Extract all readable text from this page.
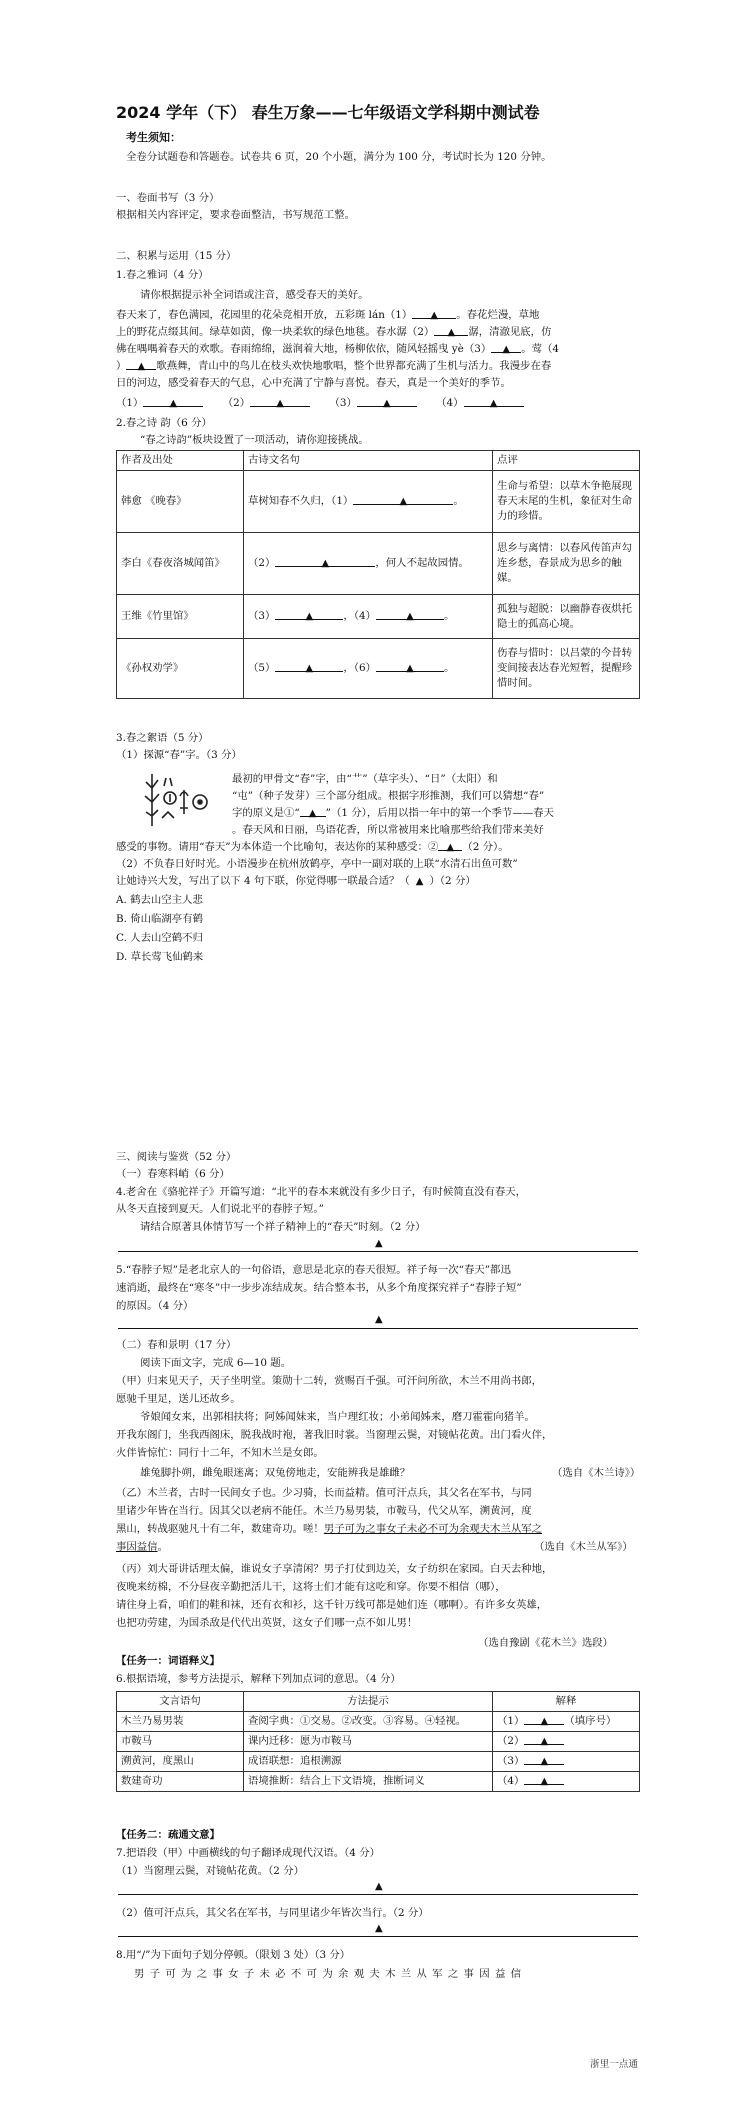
2024 学年（下） 春生万象——七年级语文学科期中测试卷
考生须知：
全卷分试题卷和答题卷。试卷共 6 页，20 个小题，满分为 100 分，考试时长为 120 分钟。
一、卷面书写（3 分）
根据相关内容评定，要求卷面整洁，书写规范工整。
二、积累与运用（15 分）
1.春之雅词（4 分）
请你根据提示补全词语或注音，感受春天的美好。
春天来了，春色满园，花园里的花朵竞相开放，五彩斑 lán（1） ▲ 。春花烂漫，草地
上的野花点缀其间。绿草如茵，像一块柔软的绿色地毯。春水潺（2） ▲ 潺，清澈见底，仿
佛在喁喁着春天的欢歌。春雨绵绵，滋润着大地，杨柳依依，随风轻摇曳 yè（3） ▲ 。莺（4
） ▲ 歌燕舞，青山中的鸟儿在枝头欢快地歌唱，整个世界都充满了生机与活力。我漫步在春
日的河边，感受着春天的气息，心中充满了宁静与喜悦。春天，真是一个美好的季节。
（1）	▲	（2）	▲	（3）	▲	（4）	▲
2.春之诗 韵（6 分）
“春之诗韵”板块设置了一项活动，请你迎接挑战。
作者及出处	古诗文名句	点评
韩愈 《晚春》	草树知春不久归，（1） ▲ 。	生命与希望：以草木争艳展现春天末尾的生机，象征对生命力的珍惜。
李白《春夜洛城闻笛》	（2） ▲ ，何人不起故园情。	思乡与离情：以春风传笛声勾连乡愁，春景成为思乡的触媒。
王维《竹里馆》	（3） ▲ ，（4） ▲ 。	孤独与超脱：以幽静春夜烘托隐士的孤高心境。
《孙权劝学》	（5） ▲ ，（6） ▲ 。	伤春与惜时：以吕蒙的今昔转变间接表达春光短暂，提醒珍惜时间。
3.春之絮语（5 分）
（1）探源“春”字。（3 分）
最初的甲骨文“春”字，由“艹”（草字头）、“日”（太阳）和
“屯”（种子发芽）三个部分组成。根据字形推测，我们可以猜想“春”
字的原义是①“ ▲ ”（1 分），后用以指一年中的第一个季节——春天
。春天风和日丽，鸟语花香，所以常被用来比喻那些给我们带来美好
感受的事物。请用“春天”为本体造一个比喻句，表达你的某种感受：② ▲ （2 分）。
（2）不负春日好时光。小语漫步在杭州放鹤亭，亭中一副对联的上联“水清石出鱼可数”
让她诗兴大发，写出了以下 4 句下联，你觉得哪一联最合适？（ ▲ ）（2 分）
A. 鹤去山空主人悲
B. 倚山临湖亭有鹤
C. 人去山空鹤不归
D. 草长莺飞仙鹤来
三、阅读与鉴赏（52 分）
（一）春寒料峭（6 分）
4.老舍在《骆驼祥子》开篇写道：“北平的春本来就没有多少日子，有时候简直没有春天，
从冬天直接到夏天。人们说北平的春脖子短。”
请结合原著具体情节写一个祥子精神上的“春天”时刻。（2 分）
▲
5.“春脖子短”是老北京人的一句俗语，意思是北京的春天很短。祥子每一次“春天”都迅
速消逝，最终在“寒冬”中一步步冻结成灰。结合整本书，从多个角度探究祥子“春脖子短”
的原因。（4 分）
▲
（二）春和景明（17 分）
阅读下面文字，完成 6—10 题。
（甲）归来见天子，天子坐明堂。策勋十二转，赏赐百千强。可汗问所欲，木兰不用尚书郎，
愿驰千里足，送儿还故乡。
爷娘闻女来，出郭相扶将；阿姊闻妹来，当户理红妆；小弟闻姊来，磨刀霍霍向猪羊。
开我东阁门，坐我西阁床，脱我战时袍，著我旧时裳。当窗理云鬓，对镜帖花黄。出门看火伴，
火伴皆惊忙：同行十二年，不知木兰是女郎。
雄兔脚扑朔，雌兔眼迷离；双兔傍地走，安能辨我是雄雌？	（选自《木兰诗》）
（乙）木兰者，古时一民间女子也。少习骑，长而益精。值可汗点兵，其父名在军书，与同
里诸少年皆在当行。因其父以老病不能任。木兰乃易男装，市鞍马，代父从军，溯黄河，度
黑山，转战驱驰凡十有二年，数建奇功。嗟！男子可为之事女子未必不可为余观夫木兰从军之
事因益信。	（选自《木兰从军》）
（丙）刘大哥讲话理太偏，谁说女子享清闲？男子打仗到边关，女子纺织在家园。白天去种地，
夜晚来纺棉，不分昼夜辛勤把活儿干，这将士们才能有这吃和穿。你要不相信（哪），
请往身上看，咱们的鞋和袜，还有衣和衫，这千针万线可都是她们连（哪啊）。有许多女英雄，
也把功劳建，为国杀敌是代代出英贤，这女子们哪一点不如儿男！
（选自豫剧《花木兰》选段）
【任务一：词语释义】
6.根据语境，参考方法提示，解释下列加点词的意思。（4 分）
文言语句	方法提示	解释
木兰乃易男装	查阅字典：①交易。②改变。③容易。④轻视。	（1） ▲ （填序号）
市鞍马	课内迁移：愿为市鞍马	（2） ▲
溯黄河，度黑山	成语联想：追根溯源	（3） ▲
数建奇功	语境推断：结合上下文语境，推断词义	（4） ▲
【任务二：疏通文意】
7.把语段（甲）中画横线的句子翻译成现代汉语。（4 分）
（1）当窗理云鬓，对镜帖花黄。（2 分）
▲
（2）值可汗点兵，其父名在军书，与同里诸少年皆次当行。（2 分）
▲
8.用“/”为下面句子划分停顿。（限划 3 处）（3 分）
男 子 可 为 之 事 女 子 未 必 不 可 为 余 观 夫 木 兰 从 军 之 事 因 益 信
浙里一点通
